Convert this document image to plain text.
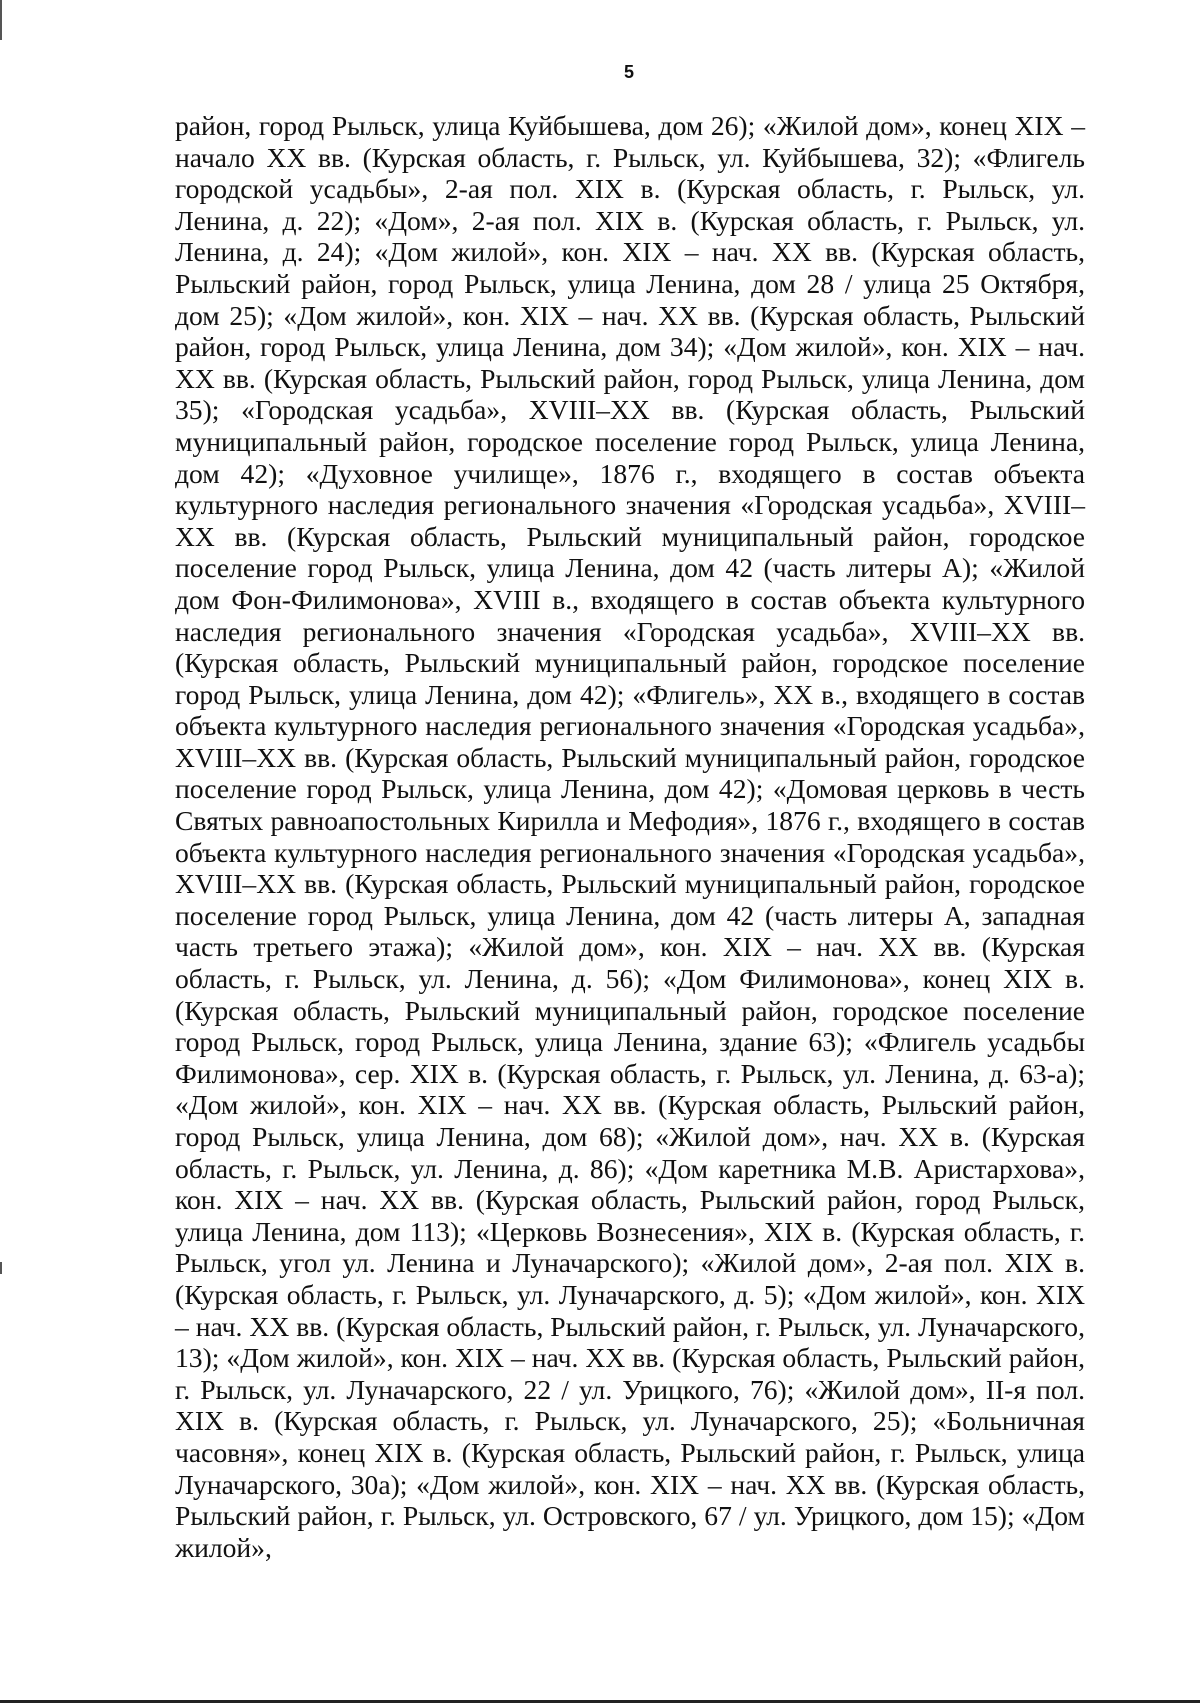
5

район, город Рыльск, улица Куйбышева, дом 26); «Жилой дом», конец XIX – начало XX вв. (Курская область, г. Рыльск, ул. Куйбышева, 32); «Флигель городской усадьбы», 2-ая пол. XIX в. (Курская область, г. Рыльск, ул. Ленина, д. 22); «Дом», 2-ая пол. XIX в. (Курская область, г. Рыльск, ул. Ленина, д. 24); «Дом жилой», кон. XIX – нач. XX вв. (Курская область, Рыльский район, город Рыльск, улица Ленина, дом 28 / улица 25 Октября, дом 25); «Дом жилой», кон. XIX – нач. XX вв. (Курская область, Рыльский район, город Рыльск, улица Ленина, дом 34); «Дом жилой», кон. XIX – нач. XX вв. (Курская область, Рыльский район, город Рыльск, улица Ленина, дом 35); «Городская усадьба», XVIII–XX вв. (Курская область, Рыльский муниципальный район, городское поселение город Рыльск, улица Ленина, дом 42); «Духовное училище», 1876 г., входящего в состав объекта культурного наследия регионального значения «Городская усадьба», XVIII–XX вв. (Курская область, Рыльский муниципальный район, городское поселение город Рыльск, улица Ленина, дом 42 (часть литеры А); «Жилой дом Фон-Филимонова», XVIII в., входящего в состав объекта культурного наследия регионального значения «Городская усадьба», XVIII–XX вв. (Курская область, Рыльский муниципальный район, городское поселение город Рыльск, улица Ленина, дом 42); «Флигель», XX в., входящего в состав объекта культурного наследия регионального значения «Городская усадьба», XVIII–XX вв. (Курская область, Рыльский муниципальный район, городское поселение город Рыльск, улица Ленина, дом 42); «Домовая церковь в честь Святых равноапостольных Кирилла и Мефодия», 1876 г., входящего в состав объекта культурного наследия регионального значения «Городская усадьба», XVIII–XX вв. (Курская область, Рыльский муниципальный район, городское поселение город Рыльск, улица Ленина, дом 42 (часть литеры А, западная часть третьего этажа); «Жилой дом», кон. XIX – нач. XX вв. (Курская область, г. Рыльск, ул. Ленина, д. 56); «Дом Филимонова», конец XIX в. (Курская область, Рыльский муниципальный район, городское поселение город Рыльск, город Рыльск, улица Ленина, здание 63); «Флигель усадьбы Филимонова», сер. XIX в. (Курская область, г. Рыльск, ул. Ленина, д. 63-а); «Дом жилой», кон. XIX – нач. XX вв. (Курская область, Рыльский район, город Рыльск, улица Ленина, дом 68); «Жилой дом», нач. XX в. (Курская область, г. Рыльск, ул. Ленина, д. 86); «Дом каретника М.В. Аристархова», кон. XIX – нач. XX вв. (Курская область, Рыльский район, город Рыльск, улица Ленина, дом 113); «Церковь Вознесения», XIX в. (Курская область, г. Рыльск, угол ул. Ленина и Луначарского); «Жилой дом», 2-ая пол. XIX в. (Курская область, г. Рыльск, ул. Луначарского, д. 5); «Дом жилой», кон. XIX – нач. XX вв. (Курская область, Рыльский район, г. Рыльск, ул. Луначарского, 13); «Дом жилой», кон. XIX – нач. XX вв. (Курская область, Рыльский район, г. Рыльск, ул. Луначарского, 22 / ул. Урицкого, 76); «Жилой дом», II-я пол. XIX в. (Курская область, г. Рыльск, ул. Луначарского, 25); «Больничная часовня», конец XIX в. (Курская область, Рыльский район, г. Рыльск, улица Луначарского, 30а); «Дом жилой», кон. XIX – нач. XX вв. (Курская область, Рыльский район, г. Рыльск, ул. Островского, 67 / ул. Урицкого, дом 15); «Дом жилой»,
